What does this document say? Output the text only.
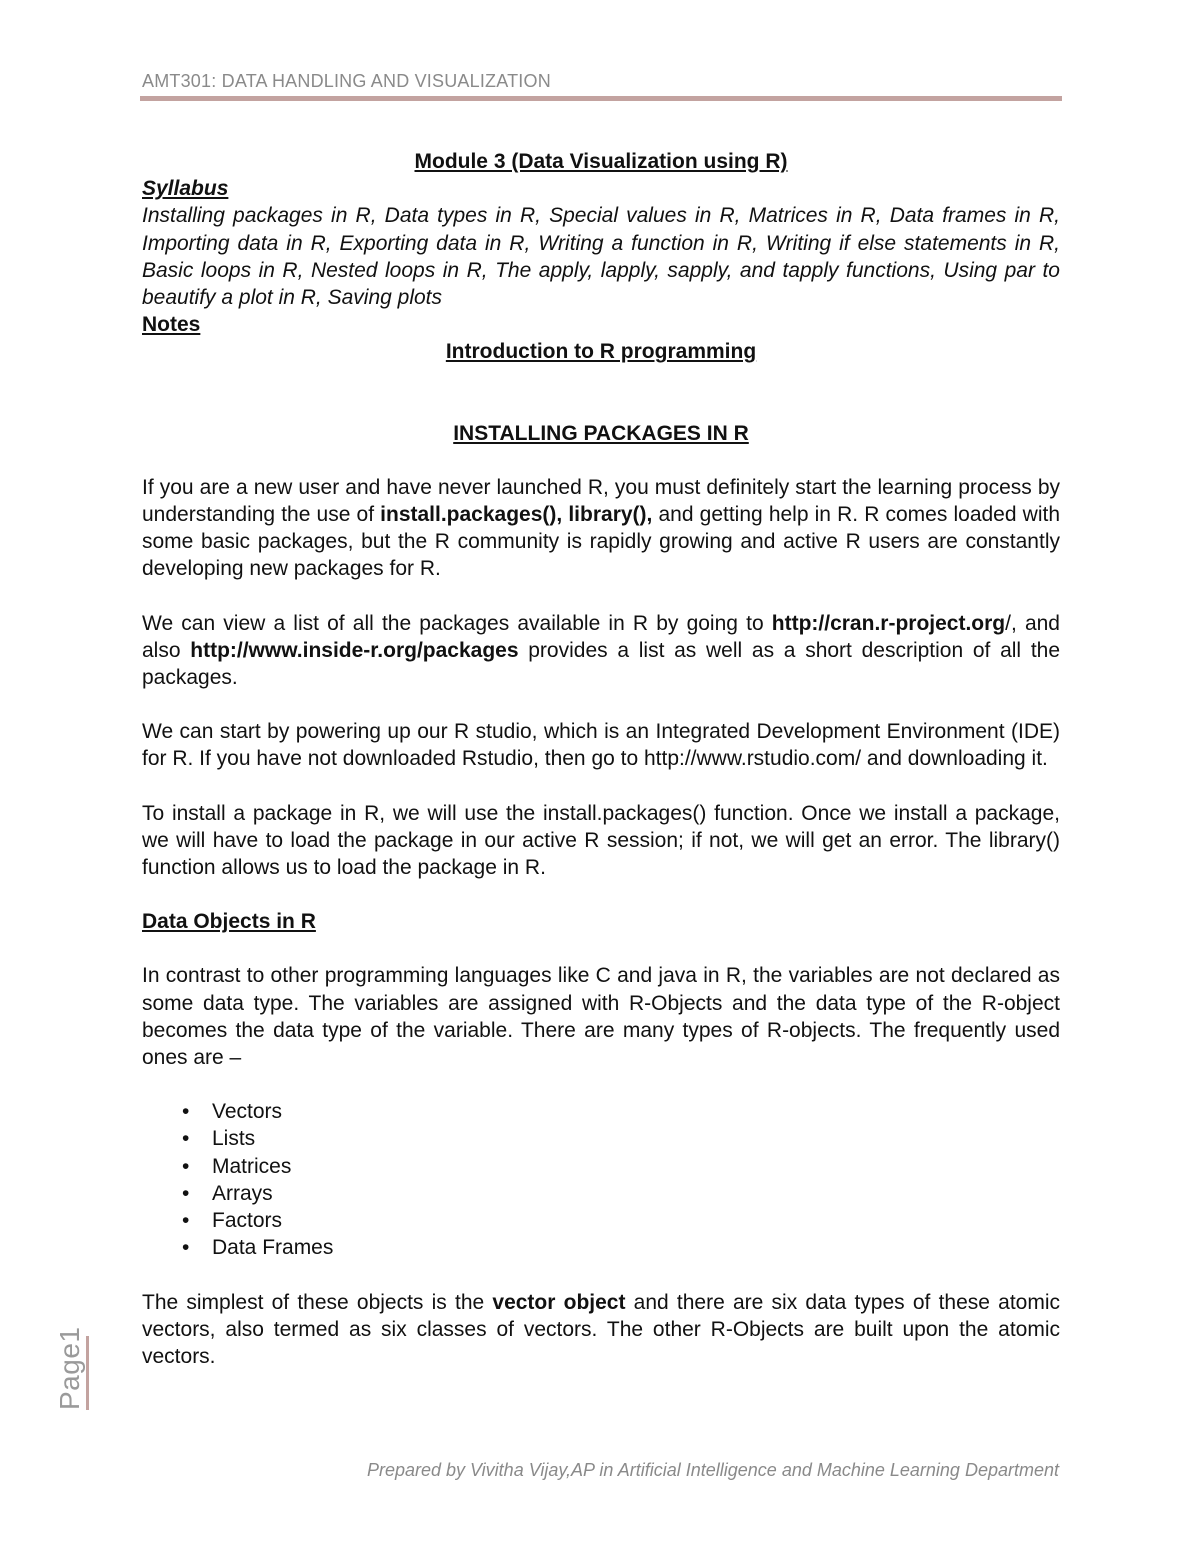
AMT301: DATA HANDLING AND VISUALIZATION

Module 3 (Data Visualization using R)

Syllabus

Installing packages in R, Data types in R, Special values in R, Matrices in R, Data frames in R, Importing data in R, Exporting data in R, Writing a function in R, Writing if else statements in R, Basic loops in R, Nested loops in R, The apply, lapply, sapply, and tapply functions, Using par to beautify a plot in R, Saving plots

Notes

Introduction to R programming

INSTALLING PACKAGES IN R

If you are a new user and have never launched R, you must definitely start the learning process by understanding the use of install.packages(), library(), and getting help in R. R comes loaded with some basic packages, but the R community is rapidly growing and active R users are constantly developing new packages for R.

We can view a list of all the packages available in R by going to http://cran.r-project.org/, and also http://www.inside-r.org/packages provides a list as well as a short description of all the packages.

We can start by powering up our R studio, which is an Integrated Development Environment (IDE) for R. If you have not downloaded Rstudio, then go to http://www.rstudio.com/ and downloading it.

To install a package in R, we will use the install.packages() function. Once we install a package, we will have to load the package in our active R session; if not, we will get an error. The library() function allows us to load the package in R.

Data Objects in R

In contrast to other programming languages like C and java in R, the variables are not declared as some data type. The variables are assigned with R-Objects and the data type of the R-object becomes the data type of the variable. There are many types of R-objects. The frequently used ones are –

• Vectors
• Lists
• Matrices
• Arrays
• Factors
• Data Frames

The simplest of these objects is the vector object and there are six data types of these atomic vectors, also termed as six classes of vectors. The other R-Objects are built upon the atomic vectors.

Page1
Prepared by Vivitha Vijay,AP in Artificial Intelligence and Machine Learning Department
